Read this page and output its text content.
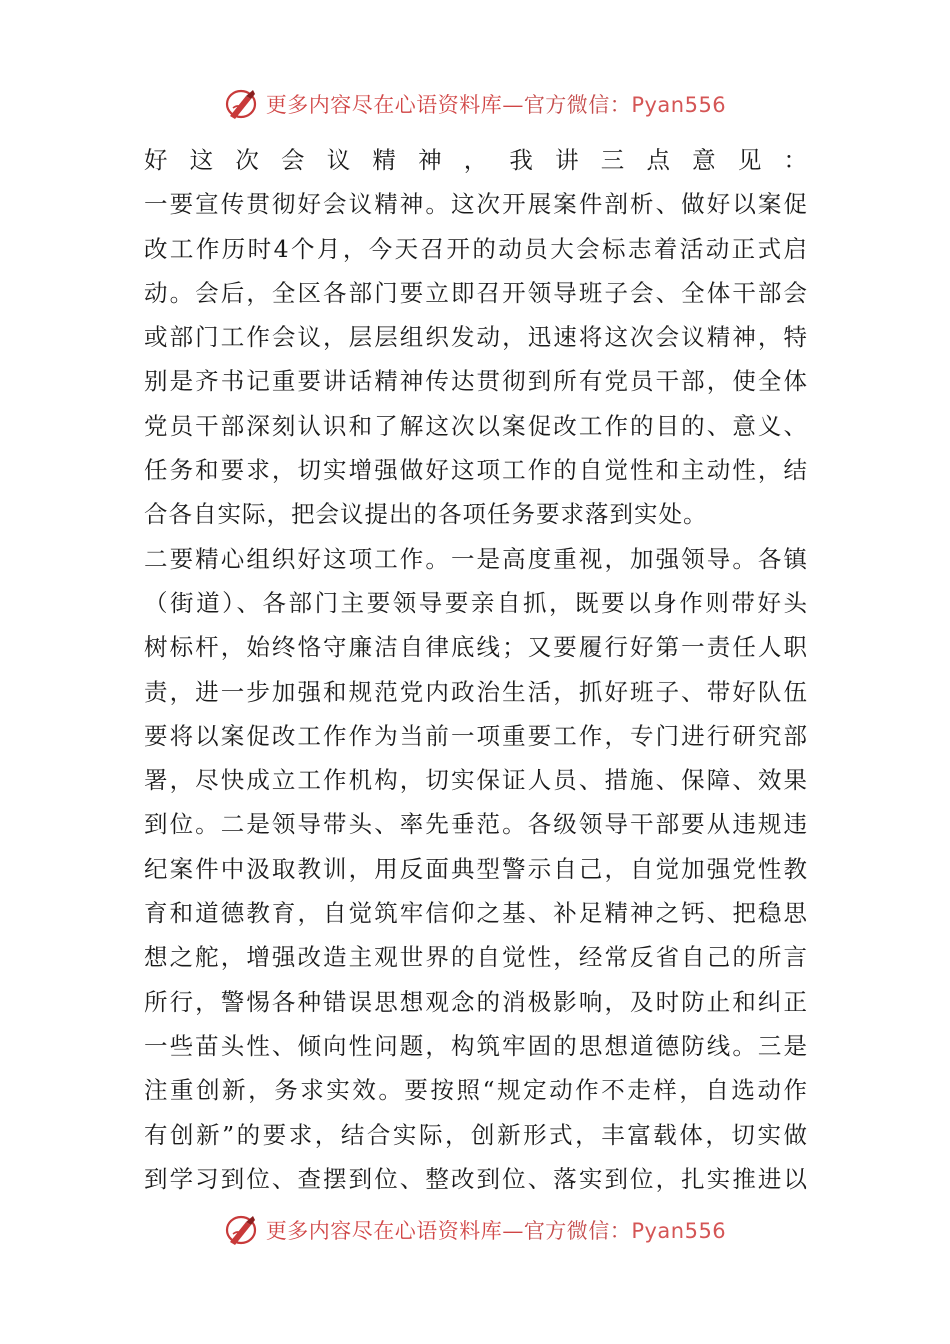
更多内容尽在心语资料库—官方微信：Pyan556
好这次会议精神，我讲三点意见：
一要宣传贯彻好会议精神。这次开展案件剖析、做好以案促
改工作历时4个月，今天召开的动员大会标志着活动正式启
动。会后，全区各部门要立即召开领导班子会、全体干部会
或部门工作会议，层层组织发动，迅速将这次会议精神，特
别是齐书记重要讲话精神传达贯彻到所有党员干部，使全体
党员干部深刻认识和了解这次以案促改工作的目的、意义、
任务和要求，切实增强做好这项工作的自觉性和主动性，结
合各自实际，把会议提出的各项任务要求落到实处。
二要精心组织好这项工作。一是高度重视，加强领导。各镇
（街道）、各部门主要领导要亲自抓，既要以身作则带好头
树标杆，始终恪守廉洁自律底线；又要履行好第一责任人职
责，进一步加强和规范党内政治生活，抓好班子、带好队伍
要将以案促改工作作为当前一项重要工作，专门进行研究部
署，尽快成立工作机构，切实保证人员、措施、保障、效果
到位。二是领导带头、率先垂范。各级领导干部要从违规违
纪案件中汲取教训，用反面典型警示自己，自觉加强党性教
育和道德教育，自觉筑牢信仰之基、补足精神之钙、把稳思
想之舵，增强改造主观世界的自觉性，经常反省自己的所言
所行，警惕各种错误思想观念的消极影响，及时防止和纠正
一些苗头性、倾向性问题，构筑牢固的思想道德防线。三是
注重创新，务求实效。要按照“规定动作不走样，自选动作
有创新”的要求，结合实际，创新形式，丰富载体，切实做
到学习到位、查摆到位、整改到位、落实到位，扎实推进以
更多内容尽在心语资料库—官方微信：Pyan556
